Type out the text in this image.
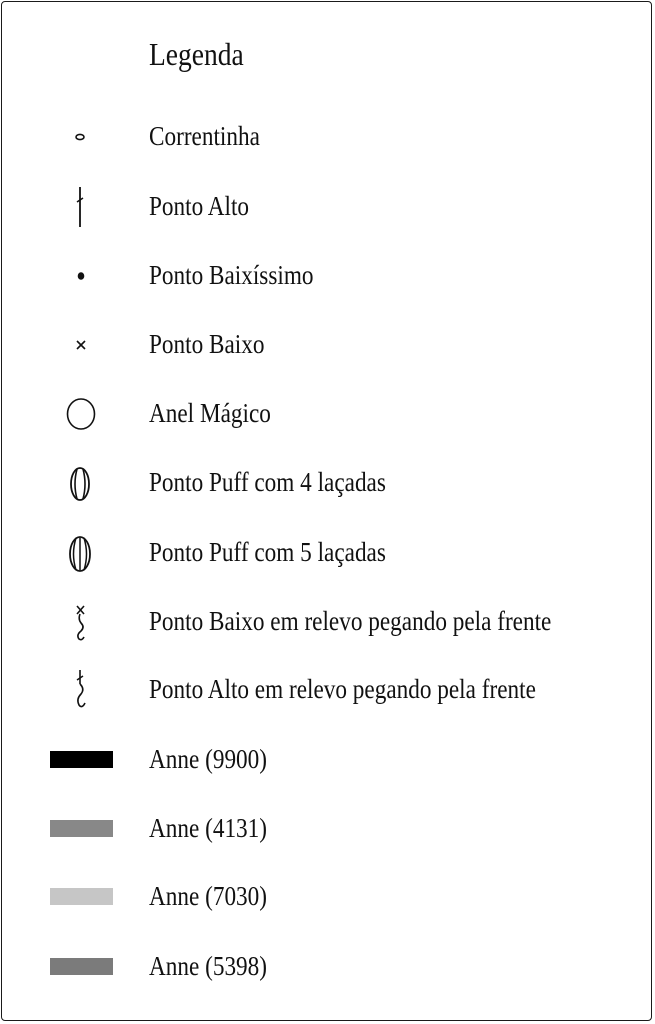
Legenda
Correntinha
Ponto Alto
Ponto Baixíssimo
Ponto Baixo
Anel Mágico
Ponto Puff com 4 laçadas
Ponto Puff com 5 laçadas
Ponto Baixo em relevo pegando pela frente
Ponto Alto em relevo pegando pela frente
Anne (9900)
Anne (4131)
Anne (7030)
Anne (5398)
